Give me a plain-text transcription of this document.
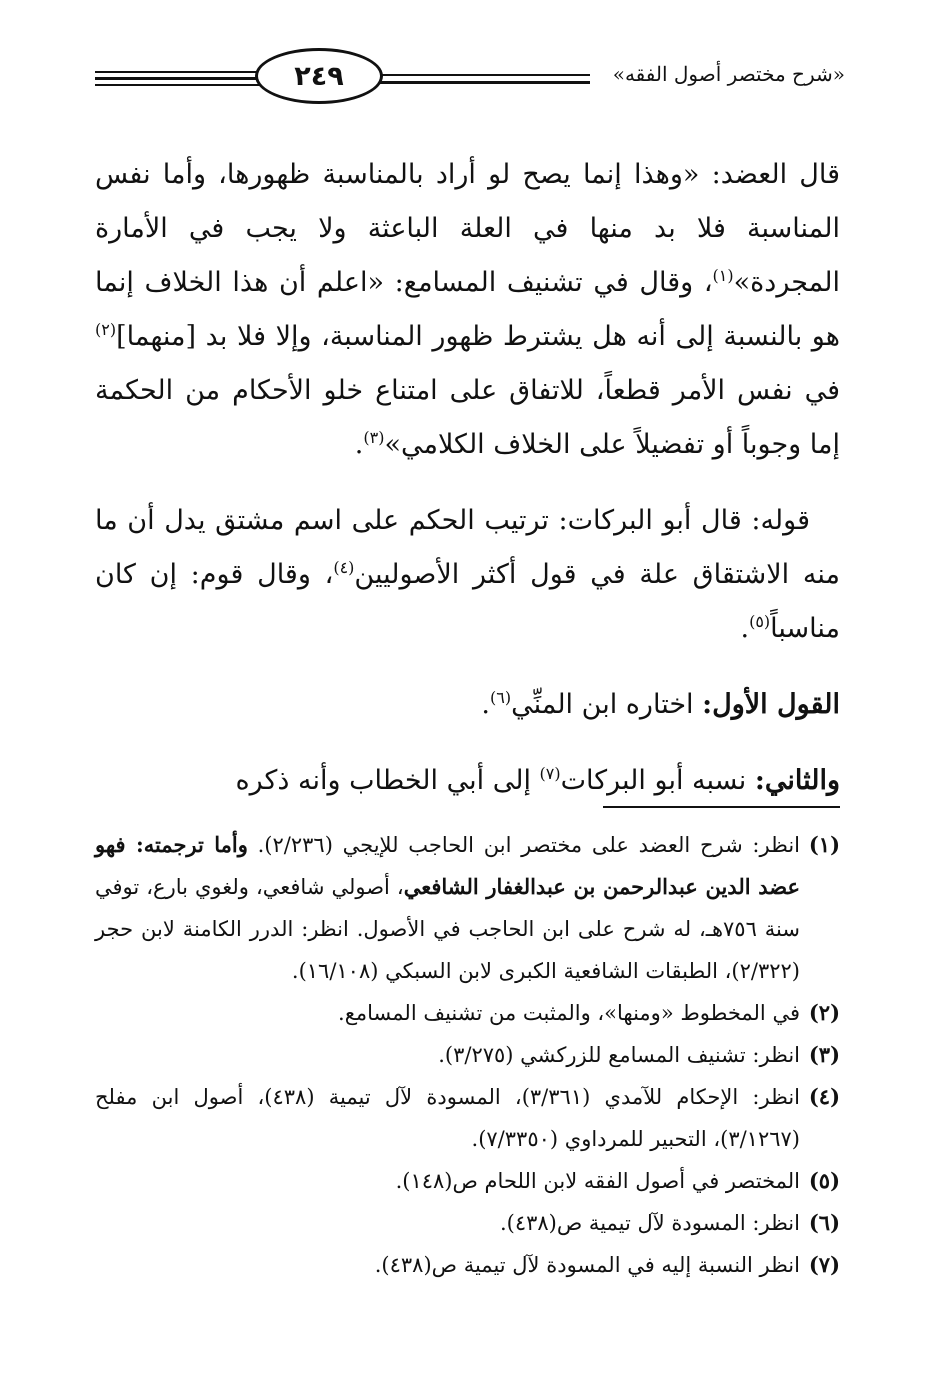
٢٤٩	«شرح مختصر أصول الفقه»

قال العضد: «وهذا إنما يصح لو أراد بالمناسبة ظهورها، وأما نفس المناسبة فلا بد منها في العلة الباعثة ولا يجب في الأمارة المجردة»$^{(١)}$، وقال في تشنيف المسامع: «اعلم أن هذا الخلاف إنما هو بالنسبة إلى أنه هل يشترط ظهور المناسبة، وإلا فلا بد [منهما]$^{(٢)}$ في نفس الأمر قطعاً، للاتفاق على امتناع خلو الأحكام من الحكمة إما وجوباً أو تفضيلاً على الخلاف الكلامي»$^{(٣)}$.

قوله: قال أبو البركات: ترتيب الحكم على اسم مشتق يدل أن ما منه الاشتقاق علة في قول أكثر الأصوليين$^{(٤)}$، وقال قوم: إن كان مناسباً$^{(٥)}$.

القول الأول: اختاره ابن المنِّي$^{(٦)}$.

والثاني: نسبه أبو البركات$^{(٧)}$ إلى أبي الخطاب وأنه ذكره

(١)
انظر: شرح العضد على مختصر ابن الحاجب للإيجي (٢/٢٣٦). وأما ترجمته: فهو عضد الدين عبدالرحمن بن عبدالغفار الشافعي، أصولي شافعي، ولغوي بارع، توفي سنة ٧٥٦هـ، له شرح على ابن الحاجب في الأصول. انظر: الدرر الكامنة لابن حجر (٢/٣٢٢)، الطبقات الشافعية الكبرى لابن السبكي (١٦/١٠٨).
(٢)
في المخطوط «ومنها»، والمثبت من تشنيف المسامع.
(٣)
انظر: تشنيف المسامع للزركشي (٣/٢٧٥).
(٤)
انظر: الإحكام للآمدي (٣/٣٦١)، المسودة لآل تيمية (٤٣٨)، أصول ابن مفلح (٣/١٢٦٧)، التحبير للمرداوي (٧/٣٣٥٠).
(٥)
المختصر في أصول الفقه لابن اللحام ص(١٤٨).
(٦)
انظر: المسودة لآل تيمية ص(٤٣٨).
(٧)
انظر النسبة إليه في المسودة لآل تيمية ص(٤٣٨).
